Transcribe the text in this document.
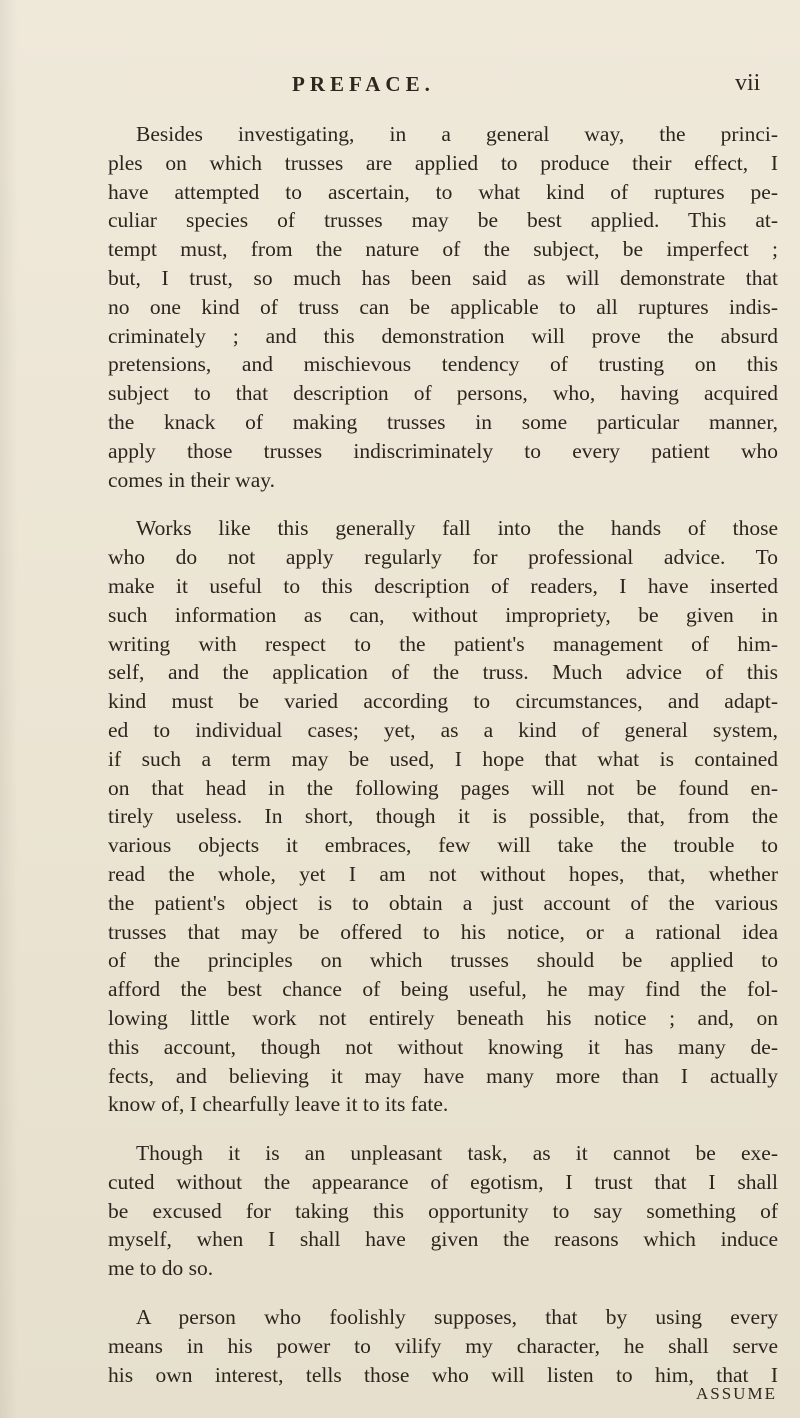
PREFACE.	vii
Besides investigating, in a general way, the princi-
ples on which trusses are applied to produce their effect, I
have attempted to ascertain, to what kind of ruptures pe-
culiar species of trusses may be best applied. This at-
tempt must, from the nature of the subject, be imperfect ;
but, I trust, so much has been said as will demonstrate that
no one kind of truss can be applicable to all ruptures indis-
criminately ; and this demonstration will prove the absurd
pretensions, and mischievous tendency of trusting on this
subject to that description of persons, who, having acquired
the knack of making trusses in some particular manner,
apply those trusses indiscriminately to every patient who
comes in their way.
Works like this generally fall into the hands of those
who do not apply regularly for professional advice. To
make it useful to this description of readers, I have inserted
such information as can, without impropriety, be given in
writing with respect to the patient's management of him-
self, and the application of the truss. Much advice of this
kind must be varied according to circumstances, and adapt-
ed to individual cases; yet, as a kind of general system,
if such a term may be used, I hope that what is contained
on that head in the following pages will not be found en-
tirely useless. In short, though it is possible, that, from the
various objects it embraces, few will take the trouble to
read the whole, yet I am not without hopes, that, whether
the patient's object is to obtain a just account of the various
trusses that may be offered to his notice, or a rational idea
of the principles on which trusses should be applied to
afford the best chance of being useful, he may find the fol-
lowing little work not entirely beneath his notice ; and, on
this account, though not without knowing it has many de-
fects, and believing it may have many more than I actually
know of, I chearfully leave it to its fate.
Though it is an unpleasant task, as it cannot be exe-
cuted without the appearance of egotism, I trust that I shall
be excused for taking this opportunity to say something of
myself, when I shall have given the reasons which induce
me to do so.
A person who foolishly supposes, that by using every
means in his power to vilify my character, he shall serve
his own interest, tells those who will listen to him, that I
ASSUME
